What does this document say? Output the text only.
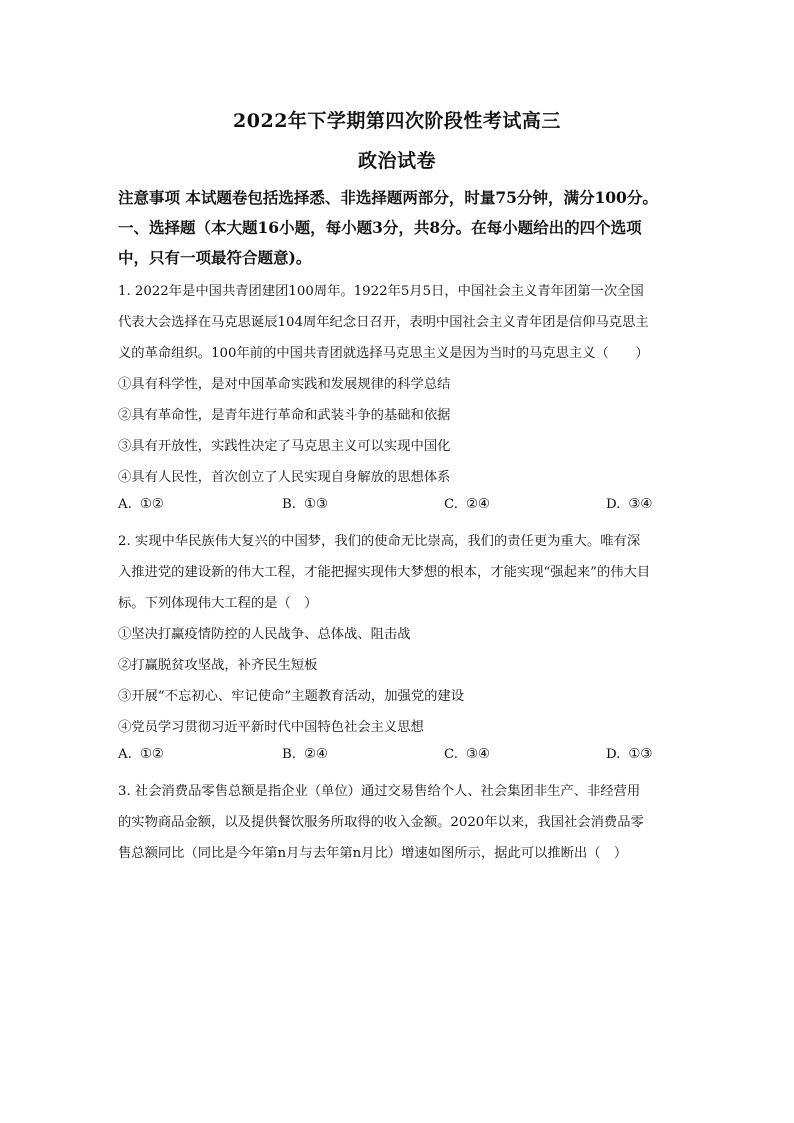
2022年下学期第四次阶段性考试高三
政治试卷
注意事项 本试题卷包括选择悉、非选择题两部分，时量75分钟，满分100分。
一、选择题（本大题16小题，每小题3分，共8分。在每小题给出的四个选项
中，只有一项最符合题意)。
1. 2022年是中国共青团建团100周年。1922年5月5日，中国社会主义青年团第一次全国
代表大会选择在马克思诞辰104周年纪念日召开，表明中国社会主义青年团是信仰马克思主
义的革命组织。100年前的中国共青团就选择马克思主义是因为当时的马克思主义（　　）
①具有科学性，是对中国革命实践和发展规律的科学总结
②具有革命性，是青年进行革命和武装斗争的基础和依据
③具有开放性，实践性决定了马克思主义可以实现中国化
④具有人民性，首次创立了人民实现自身解放的思想体系
A. ①②	B. ①③	C. ②④	D. ③④
2. 实现中华民族伟大复兴的中国梦，我们的使命无比崇高，我们的责任更为重大。唯有深
入推进党的建设新的伟大工程，才能把握实现伟大梦想的根本，才能实现“强起来”的伟大目
标。下列体现伟大工程的是（　）
①坚决打赢疫情防控的人民战争、总体战、阻击战
②打赢脱贫攻坚战，补齐民生短板
③开展“不忘初心、牢记使命”主题教育活动，加强党的建设
④党员学习贯彻习近平新时代中国特色社会主义思想
A. ①②	B. ②④	C. ③④	D. ①③
3. 社会消费品零售总额是指企业（单位）通过交易售给个人、社会集团非生产、非经营用
的实物商品金额，以及提供餐饮服务所取得的收入金额。2020年以来，我国社会消费品零
售总额同比（同比是今年第n月与去年第n月比）增速如图所示，据此可以推断出（　）
